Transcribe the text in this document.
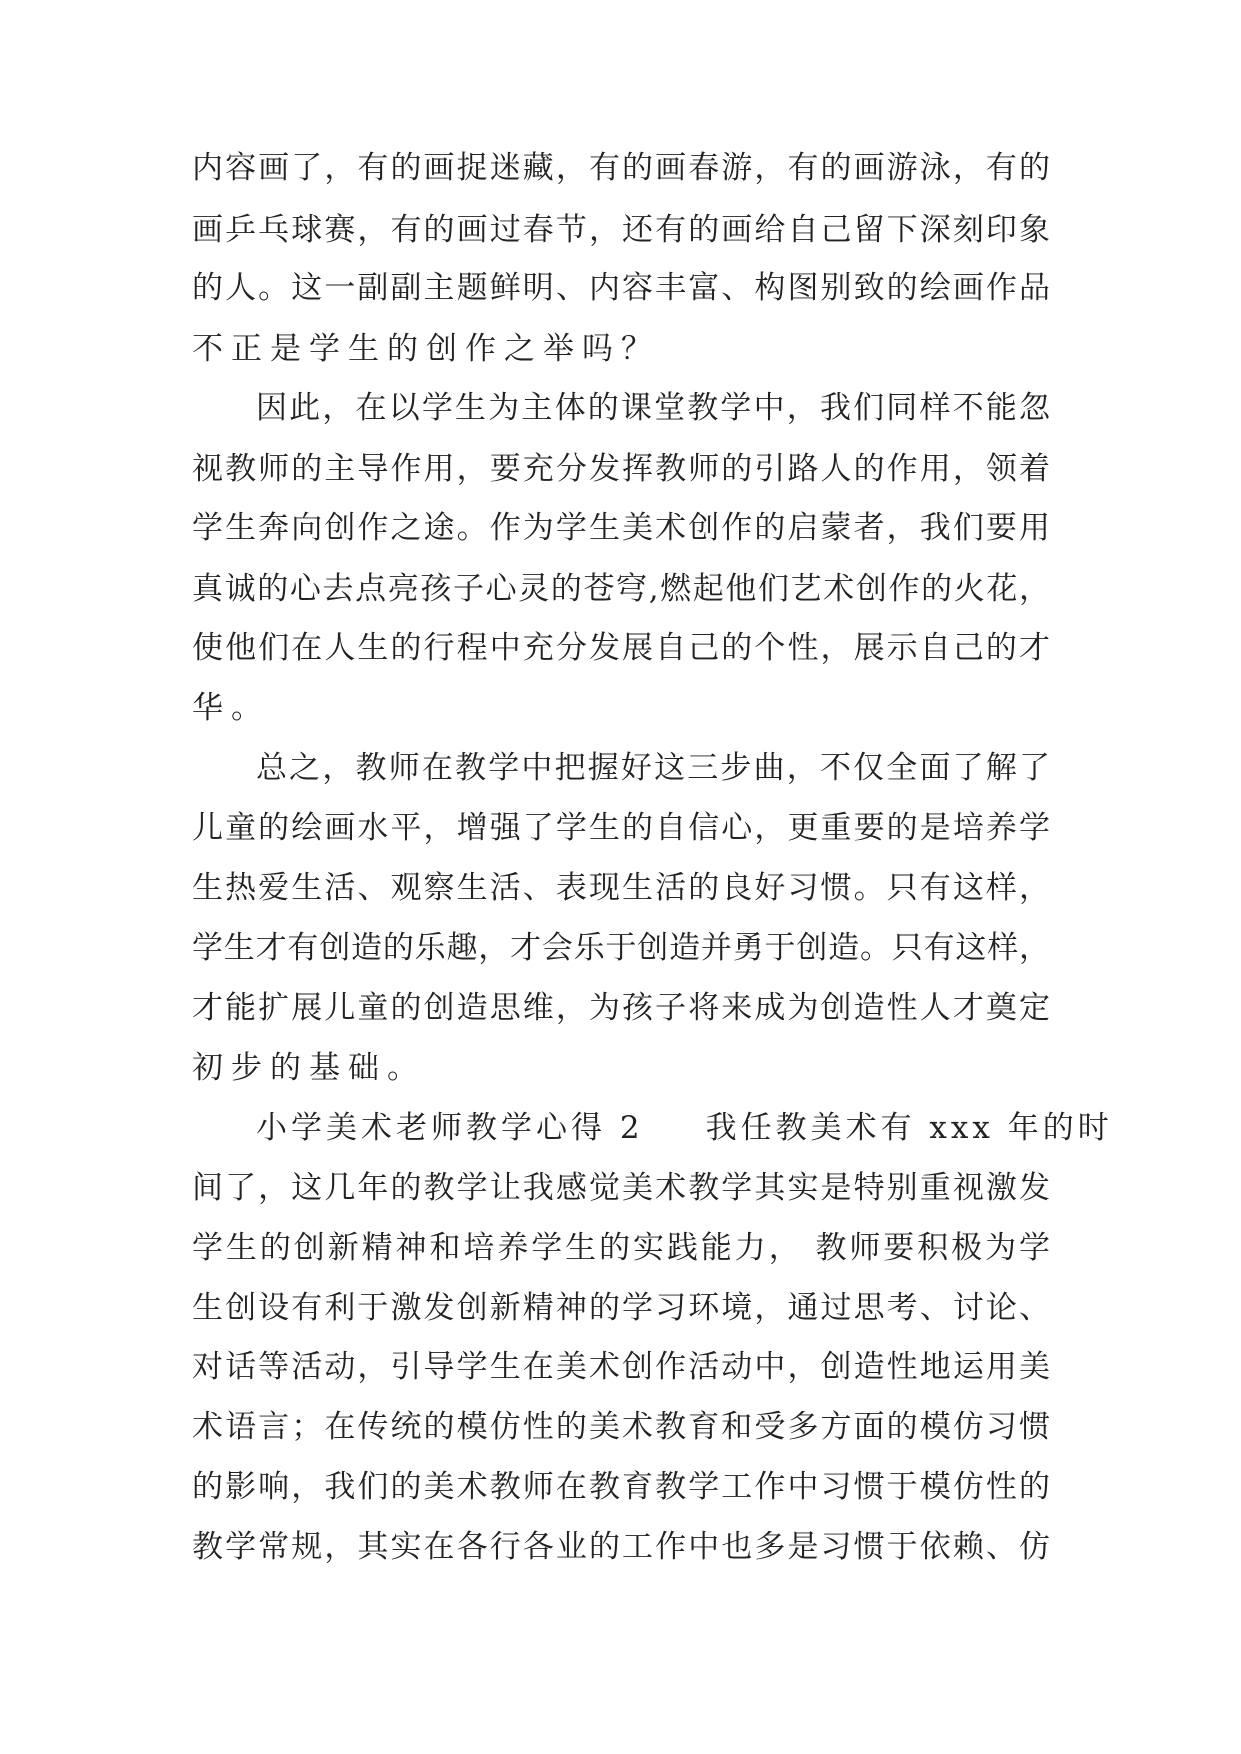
内容画了，有的画捉迷藏，有的画春游，有的画游泳，有的
画乒乓球赛，有的画过春节，还有的画给自己留下深刻印象
的人。这一副副主题鲜明、内容丰富、构图别致的绘画作品
不正是学生的创作之举吗？
因此，在以学生为主体的课堂教学中，我们同样不能忽
视教师的主导作用，要充分发挥教师的引路人的作用，领着
学生奔向创作之途。作为学生美术创作的启蒙者，我们要用
真诚的心去点亮孩子心灵的苍穹,燃起他们艺术创作的火花，
使他们在人生的行程中充分发展自己的个性，展示自己的才
华。
总之，教师在教学中把握好这三步曲，不仅全面了解了
儿童的绘画水平，增强了学生的自信心，更重要的是培养学
生热爱生活、观察生活、表现生活的良好习惯。只有这样，
学生才有创造的乐趣，才会乐于创造并勇于创造。只有这样，
才能扩展儿童的创造思维，为孩子将来成为创造性人才奠定
初步的基础。
小学美术老师教学心得 2 我任教美术有 xxx 年的时
间了，这几年的教学让我感觉美术教学其实是特别重视激发
学生的创新精神和培养学生的实践能力， 教师要积极为学
生创设有利于激发创新精神的学习环境，通过思考、讨论、
对话等活动，引导学生在美术创作活动中，创造性地运用美
术语言；在传统的模仿性的美术教育和受多方面的模仿习惯
的影响，我们的美术教师在教育教学工作中习惯于模仿性的
教学常规，其实在各行各业的工作中也多是习惯于依赖、仿
